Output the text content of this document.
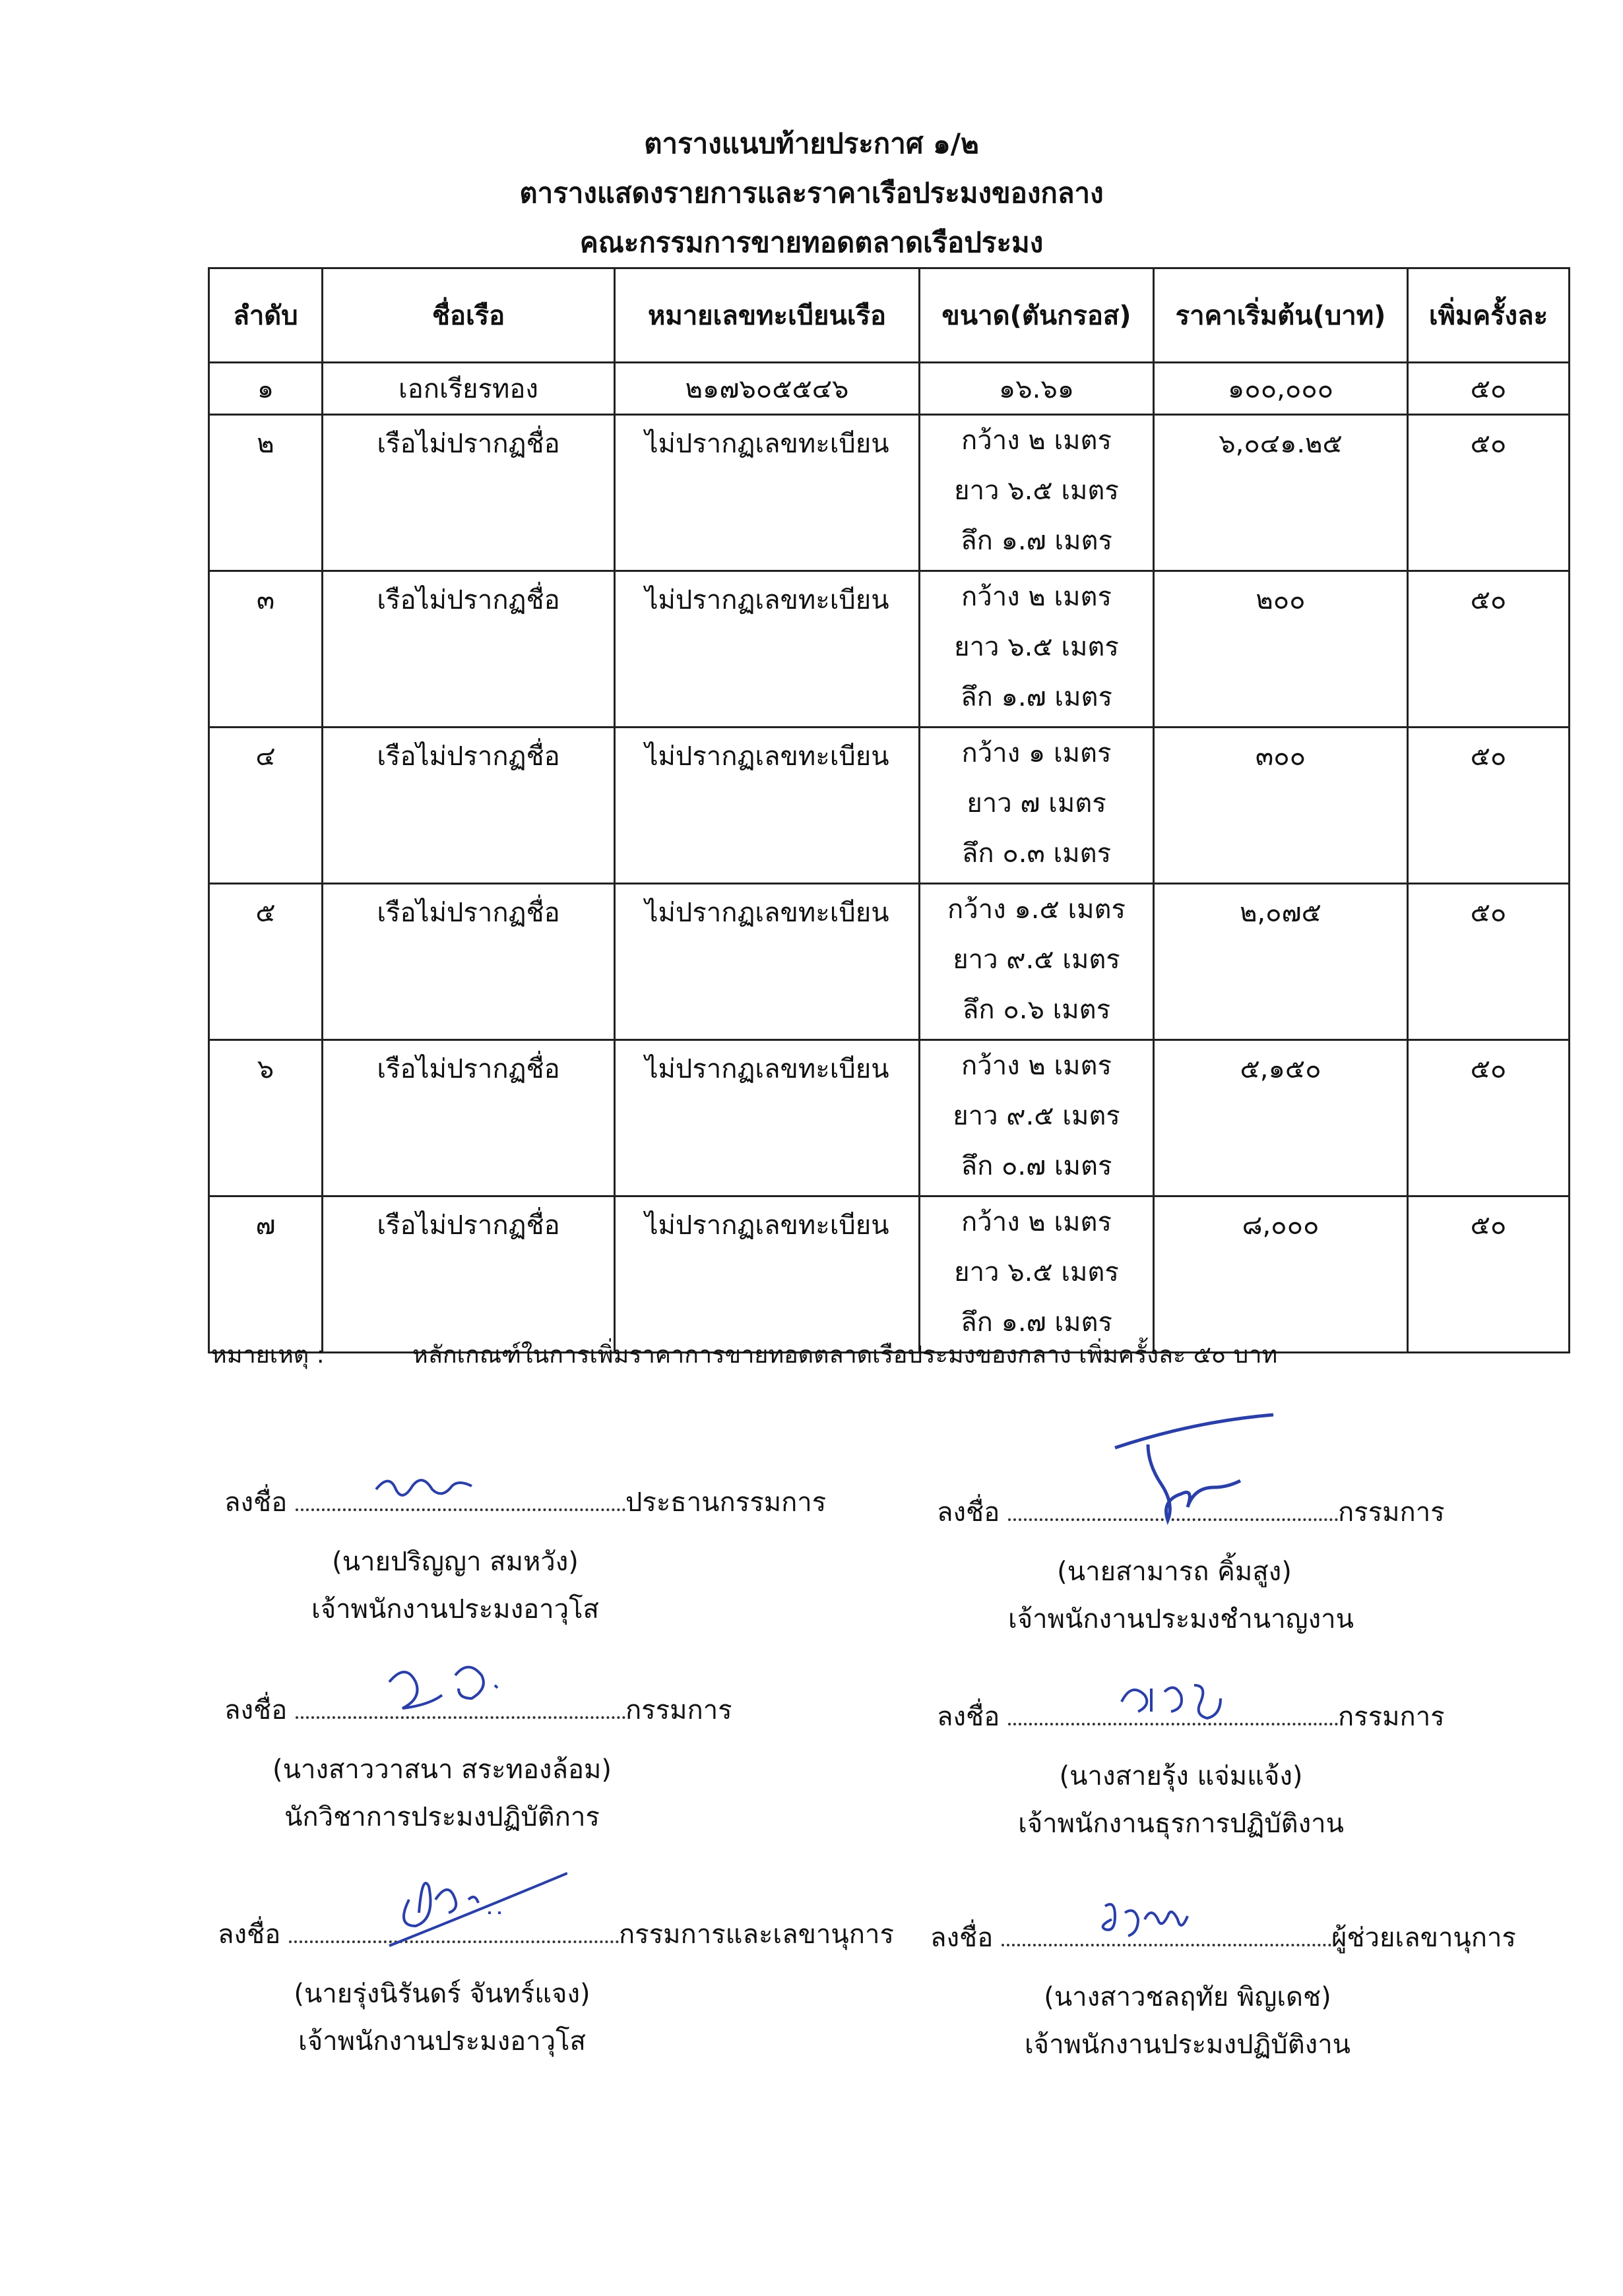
ตารางแนบท้ายประกาศ ๑/๒
ตารางแสดงรายการและราคาเรือประมงของกลาง
คณะกรรมการขายทอดตลาดเรือประมง
ลำดับ	ชื่อเรือ	หมายเลขทะเบียนเรือ	ขนาด(ตันกรอส)	ราคาเริ่มต้น(บาท)	เพิ่มครั้งละ
๑	เอกเรียรทอง	๒๑๗๖๐๕๕๔๖	๑๖.๖๑	๑๐๐,๐๐๐	๕๐
๒	เรือไม่ปรากฏชื่อ	ไม่ปรากฏเลขทะเบียน	กว้าง ๒ เมตร
ยาว ๖.๕ เมตร
ลึก ๑.๗ เมตร	๖,๐๔๑.๒๕	๕๐
๓	เรือไม่ปรากฏชื่อ	ไม่ปรากฏเลขทะเบียน	กว้าง ๒ เมตร
ยาว ๖.๕ เมตร
ลึก ๑.๗ เมตร	๒๐๐	๕๐
๔	เรือไม่ปรากฏชื่อ	ไม่ปรากฏเลขทะเบียน	กว้าง ๑ เมตร
ยาว ๗ เมตร
ลึก ๐.๓ เมตร	๓๐๐	๕๐
๕	เรือไม่ปรากฏชื่อ	ไม่ปรากฏเลขทะเบียน	กว้าง ๑.๕ เมตร
ยาว ๙.๕ เมตร
ลึก ๐.๖ เมตร	๒,๐๗๕	๕๐
๖	เรือไม่ปรากฏชื่อ	ไม่ปรากฏเลขทะเบียน	กว้าง ๒ เมตร
ยาว ๙.๕ เมตร
ลึก ๐.๗ เมตร	๕,๑๕๐	๕๐
๗	เรือไม่ปรากฏชื่อ	ไม่ปรากฏเลขทะเบียน	กว้าง ๒ เมตร
ยาว ๖.๕ เมตร
ลึก ๑.๗ เมตร	๘,๐๐๐	๕๐
หมายเหตุ :	หลักเกณฑ์ในการเพิ่มราคาการขายทอดตลาดเรือประมงของกลาง เพิ่มครั้งละ ๕๐ บาท
ลงชื่อ	ประธานกรรมการ
(นายปริญญา สมหวัง)
เจ้าพนักงานประมงอาวุโส
ลงชื่อ	กรรมการ
(นายสามารถ คิ้มสูง)
เจ้าพนักงานประมงชำนาญงาน
ลงชื่อ	กรรมการ
(นางสาววาสนา สระทองล้อม)
นักวิชาการประมงปฏิบัติการ
ลงชื่อ	กรรมการ
(นางสายรุ้ง แจ่มแจ้ง)
เจ้าพนักงานธุรการปฏิบัติงาน
ลงชื่อ	กรรมการและเลขานุการ
(นายรุ่งนิรันดร์ จันทร์แจง)
เจ้าพนักงานประมงอาวุโส
ลงชื่อ	ผู้ช่วยเลขานุการ
(นางสาวชลฤทัย พิญเดช)
เจ้าพนักงานประมงปฏิบัติงาน
